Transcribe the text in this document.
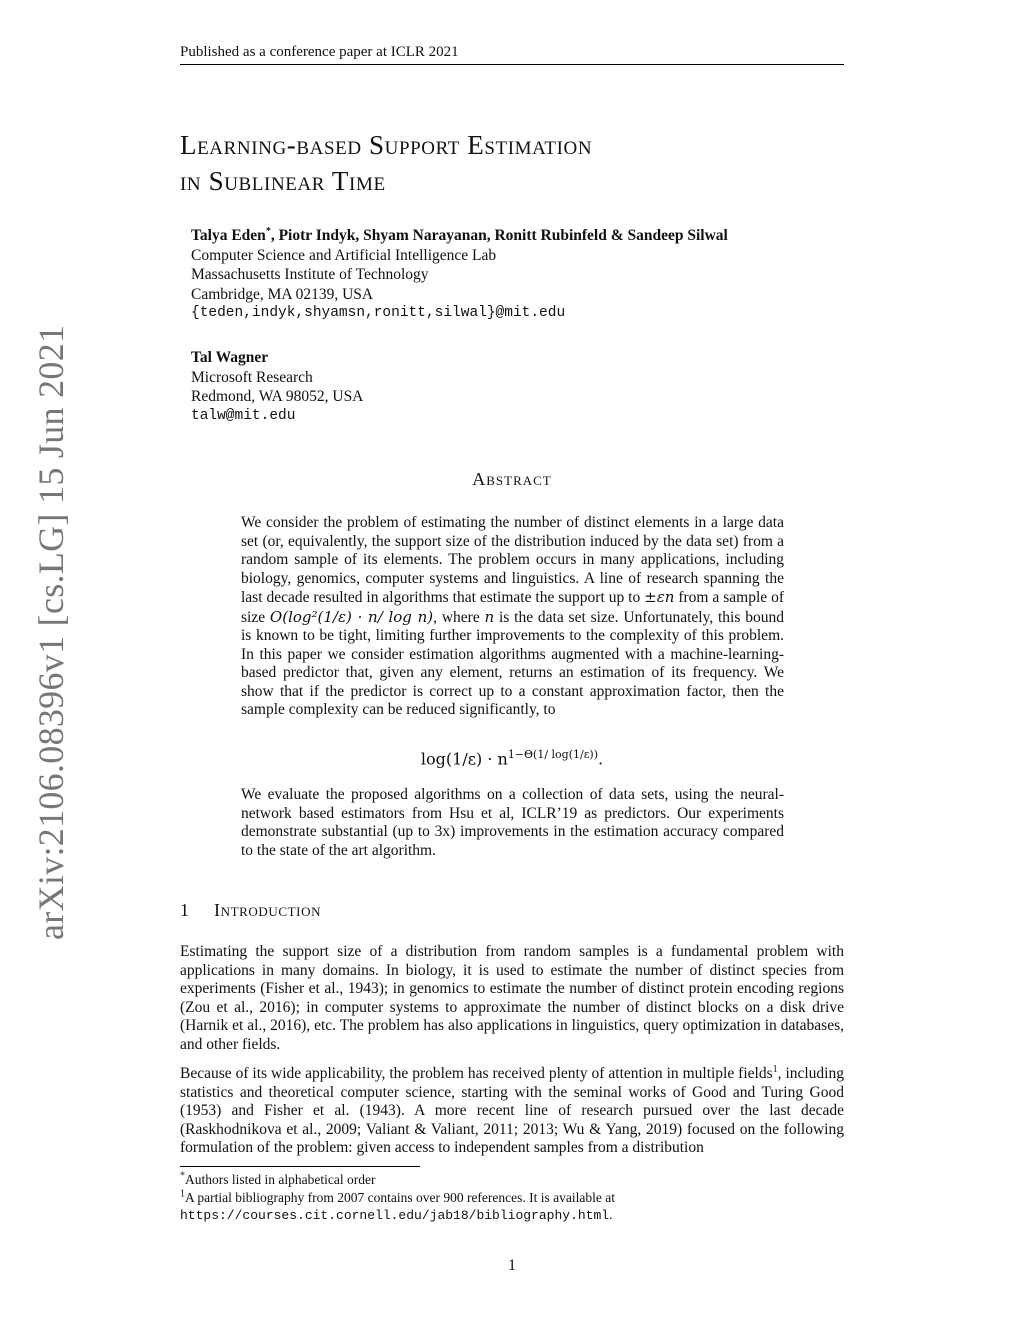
Published as a conference paper at ICLR 2021
Learning-based Support Estimation
in Sublinear Time
Talya Eden*, Piotr Indyk, Shyam Narayanan, Ronitt Rubinfeld & Sandeep Silwal
Computer Science and Artificial Intelligence Lab
Massachusetts Institute of Technology
Cambridge, MA 02139, USA
{teden,indyk,shyamsn,ronitt,silwal}@mit.edu
Tal Wagner
Microsoft Research
Redmond, WA 98052, USA
talw@mit.edu
arXiv:2106.08396v1 [cs.LG] 15 Jun 2021	Abstract
We consider the problem of estimating the number of distinct elements in a large data set (or, equivalently, the support size of the distribution induced by the data set) from a random sample of its elements. The problem occurs in many applications, including biology, genomics, computer systems and linguistics. A line of research spanning the last decade resulted in algorithms that estimate the support up to ±εn from a sample of size O(log²(1/ε) · n/ log n), where n is the data set size. Unfortunately, this bound is known to be tight, limiting further improvements to the complexity of this problem. In this paper we consider estimation algorithms augmented with a machine-learning-based predictor that, given any element, returns an estimation of its frequency. We show that if the predictor is correct up to a constant approximation factor, then the sample complexity can be reduced significantly, to
$\log(1/\varepsilon) \cdot n^{1-\Theta(1/ log(1/\varepsilon))}$.
We evaluate the proposed algorithms on a collection of data sets, using the neural-network based estimators from Hsu et al, ICLR’19 as predictors. Our experiments demonstrate substantial (up to 3x) improvements in the estimation accuracy compared to the state of the art algorithm.
1 Introduction
Estimating the support size of a distribution from random samples is a fundamental problem with applications in many domains. In biology, it is used to estimate the number of distinct species from experiments (Fisher et al., 1943); in genomics to estimate the number of distinct protein encoding regions (Zou et al., 2016); in computer systems to approximate the number of distinct blocks on a disk drive (Harnik et al., 2016), etc. The problem has also applications in linguistics, query optimization in databases, and other fields.
Because of its wide applicability, the problem has received plenty of attention in multiple fields$^1$, including statistics and theoretical computer science, starting with the seminal works of Good and Turing Good (1953) and Fisher et al. (1943). A more recent line of research pursued over the last decade (Raskhodnikova et al., 2009; Valiant & Valiant, 2011; 2013; Wu & Yang, 2019) focused on the following formulation of the problem: given access to independent samples from a distribution
*Authors listed in alphabetical order
$^1$A partial bibliography from 2007 contains over 900 references. It is available at
https://courses.cit.cornell.edu/jab18/bibliography.html.
1
